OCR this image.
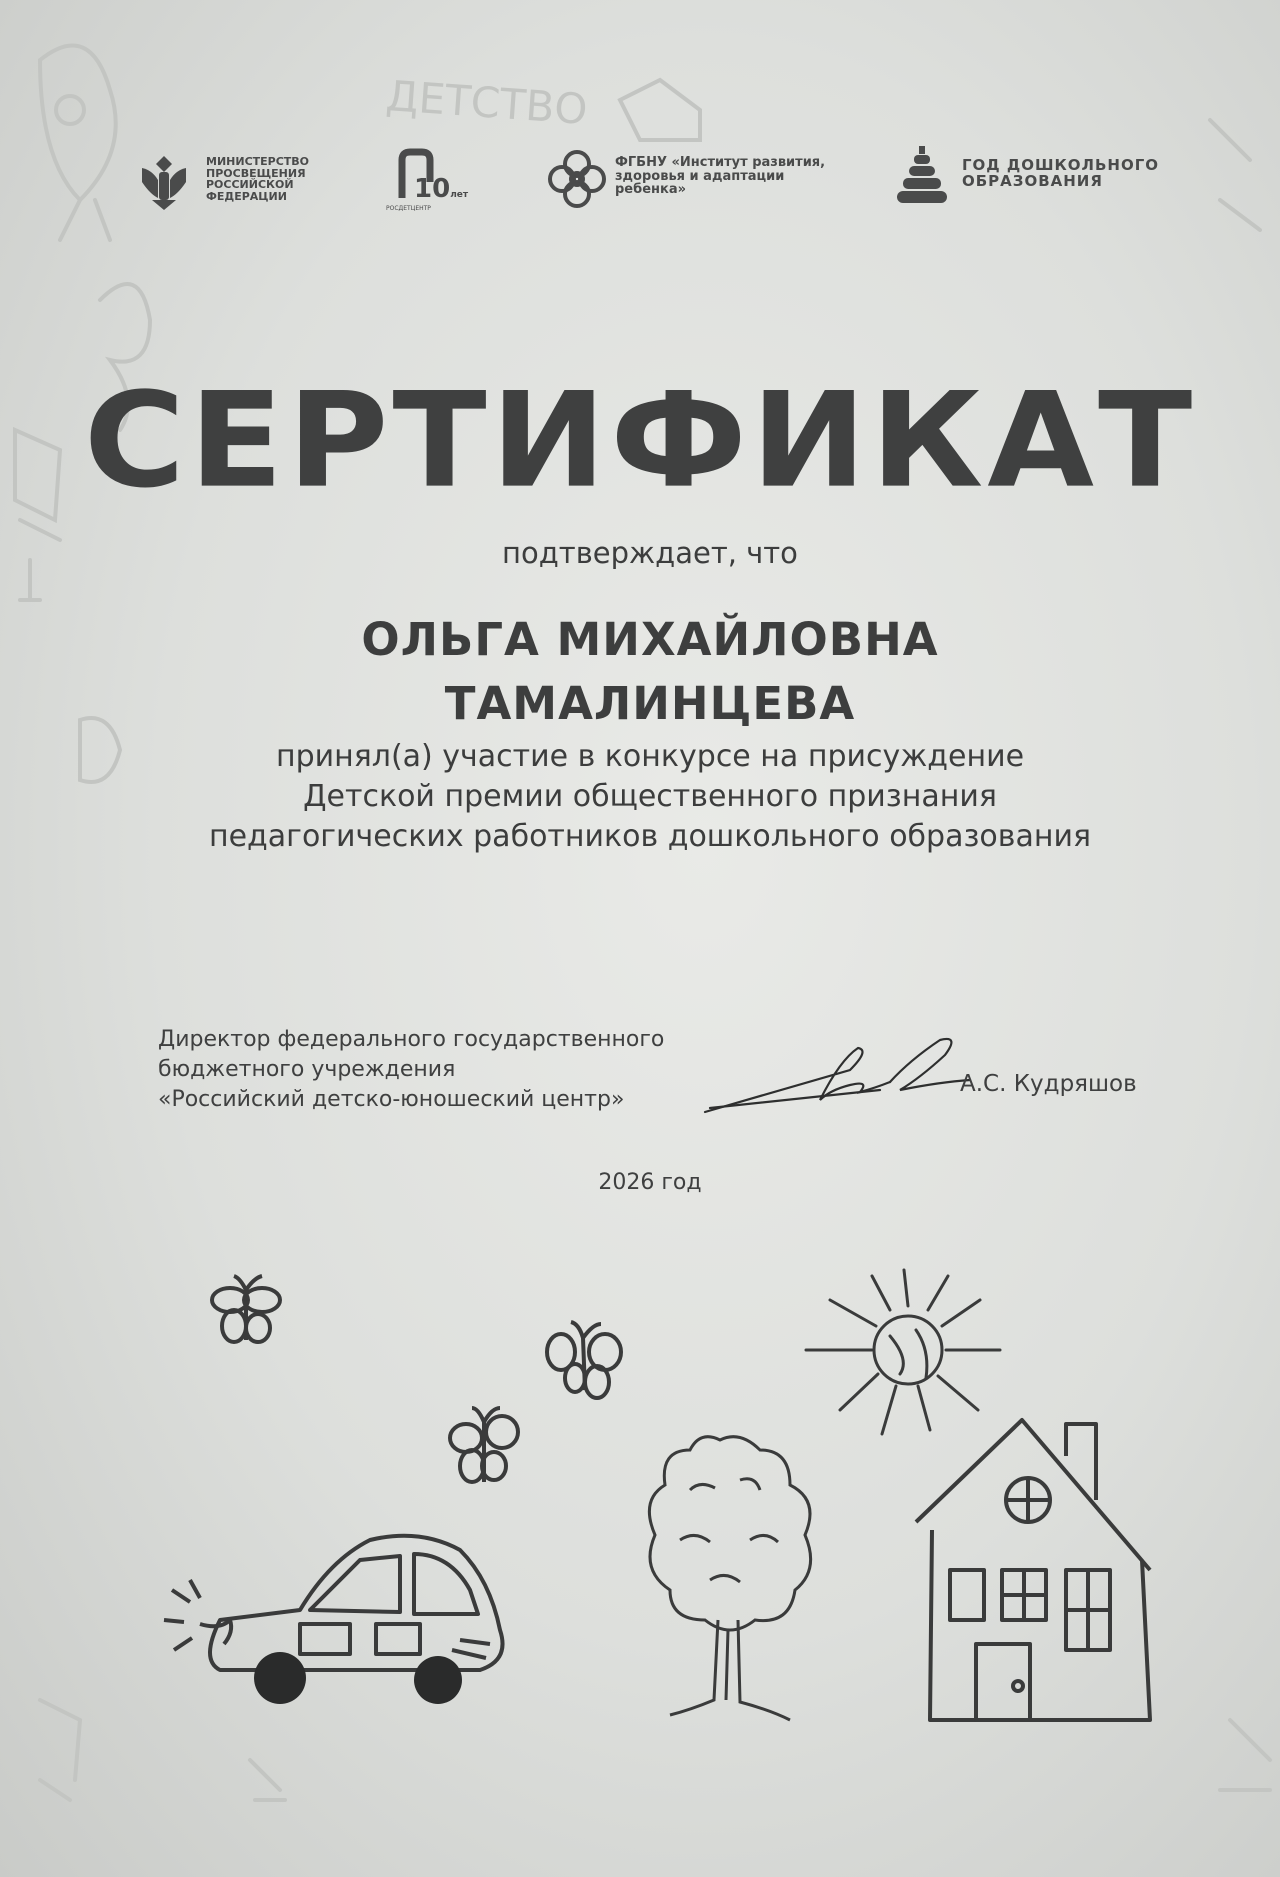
ДЕТСТВО
МИНИСТЕРСТВО
ПРОСВЕЩЕНИЯ
РОССИЙСКОЙ
ФЕДЕРАЦИИ	10лет
РОСДЕТЦЕНТР
ФГБНУ «Институт развития,
здоровья и адаптации
ребенка»
ГОД ДОШКОЛЬНОГО
ОБРАЗОВАНИЯ
СЕРТИФИКАТ
подтверждает, что
ОЛЬГА МИХАЙЛОВНА
ТАМАЛИНЦЕВА
принял(а) участие в конкурсе на присуждение
Детской премии общественного признания
педагогических работников дошкольного образования
Директор федерального государственного
бюджетного учреждения
«Российский детско-юношеский центр»
А.С. Кудряшов
2026 год
